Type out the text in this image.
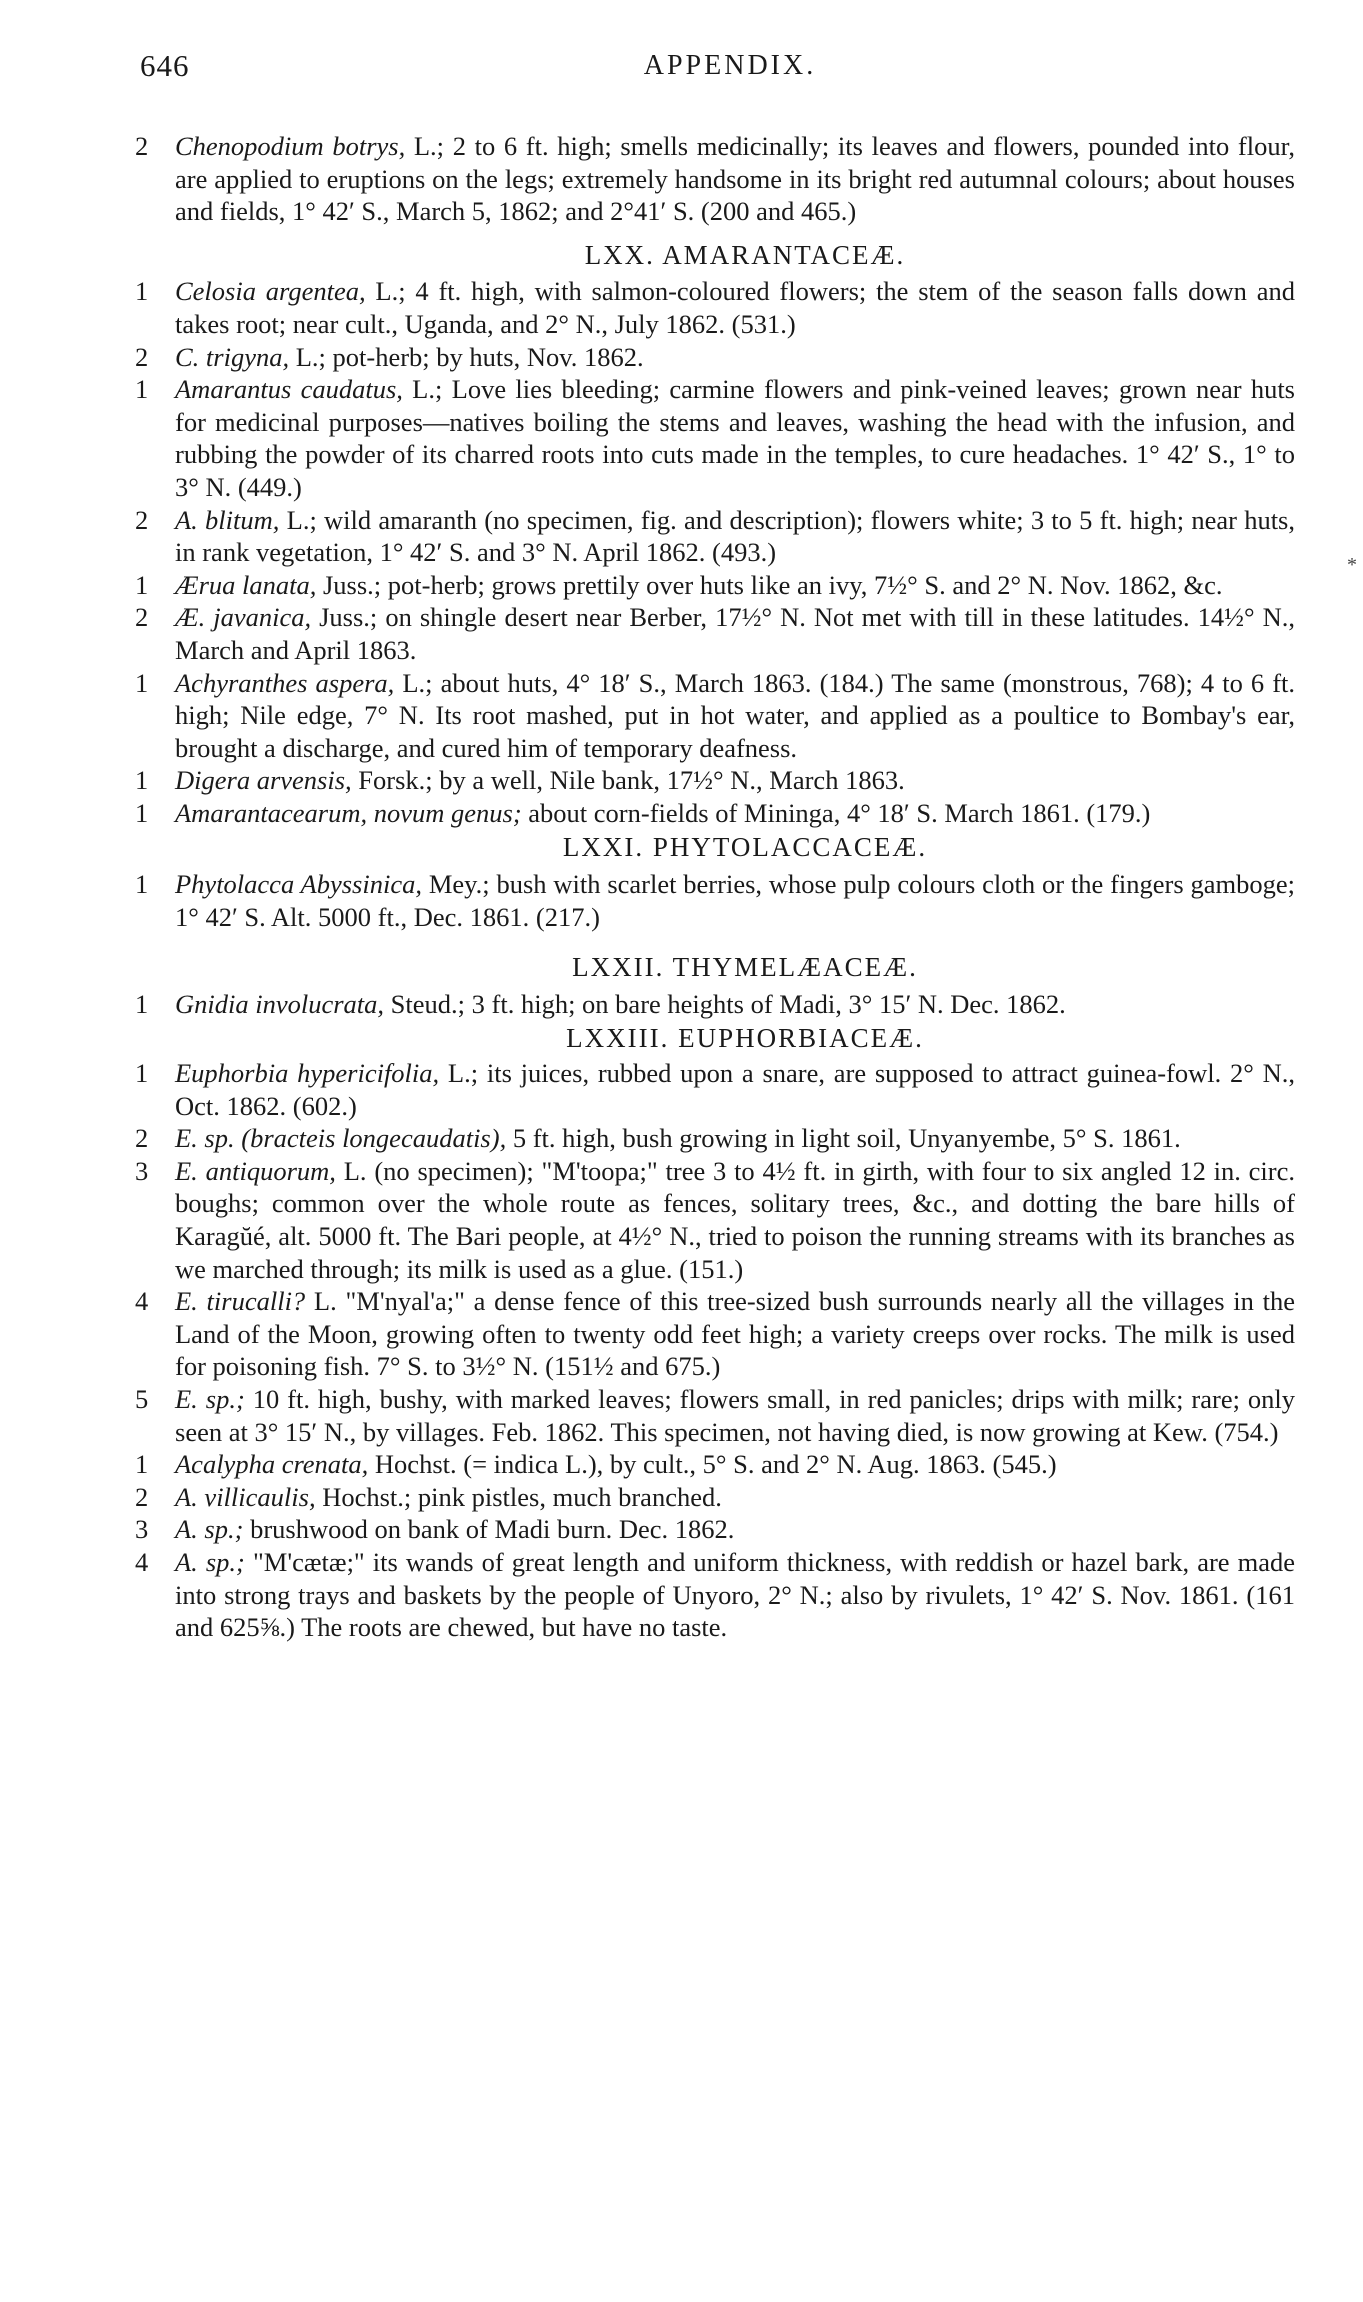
646	APPENDIX.
*
2 Chenopodium botrys, L.; 2 to 6 ft. high; smells medicinally; its leaves and flowers, pounded into flour, are applied to eruptions on the legs; extremely handsome in its bright red autumnal colours; about houses and fields, 1° 42′ S., March 5, 1862; and 2°41′ S. (200 and 465.)
LXX. AMARANTACEÆ.
1 Celosia argentea, L.; 4 ft. high, with salmon-coloured flowers; the stem of the season falls down and takes root; near cult., Uganda, and 2° N., July 1862. (531.)
2 C. trigyna, L.; pot-herb; by huts, Nov. 1862.
1 Amarantus caudatus, L.; Love lies bleeding; carmine flowers and pink-veined leaves; grown near huts for medicinal purposes—natives boiling the stems and leaves, washing the head with the infusion, and rubbing the powder of its charred roots into cuts made in the temples, to cure headaches. 1° 42′ S., 1° to 3° N. (449.)
2 A. blitum, L.; wild amaranth (no specimen, fig. and description); flowers white; 3 to 5 ft. high; near huts, in rank vegetation, 1° 42′ S. and 3° N. April 1862. (493.)
1 Ærua lanata, Juss.; pot-herb; grows prettily over huts like an ivy, 7½° S. and 2° N. Nov. 1862, &c.
2 Æ. javanica, Juss.; on shingle desert near Berber, 17½° N. Not met with till in these latitudes. 14½° N., March and April 1863.
1 Achyranthes aspera, L.; about huts, 4° 18′ S., March 1863. (184.) The same (monstrous, 768); 4 to 6 ft. high; Nile edge, 7° N. Its root mashed, put in hot water, and applied as a poultice to Bombay's ear, brought a discharge, and cured him of temporary deafness.
1 Digera arvensis, Forsk.; by a well, Nile bank, 17½° N., March 1863.
1 Amarantacearum, novum genus; about corn-fields of Mininga, 4° 18′ S. March 1861. (179.)
LXXI. PHYTOLACCACEÆ.
1 Phytolacca Abyssinica, Mey.; bush with scarlet berries, whose pulp colours cloth or the fingers gamboge; 1° 42′ S. Alt. 5000 ft., Dec. 1861. (217.)
LXXII. THYMELÆACEÆ.
1 Gnidia involucrata, Steud.; 3 ft. high; on bare heights of Madi, 3° 15′ N. Dec. 1862.
LXXIII. EUPHORBIACEÆ.
1 Euphorbia hypericifolia, L.; its juices, rubbed upon a snare, are supposed to attract guinea-fowl. 2° N., Oct. 1862. (602.)
2 E. sp. (bracteis longecaudatis), 5 ft. high, bush growing in light soil, Unyanyembe, 5° S. 1861.
3 E. antiquorum, L. (no specimen); "M'toopa;" tree 3 to 4½ ft. in girth, with four to six angled 12 in. circ. boughs; common over the whole route as fences, solitary trees, &c., and dotting the bare hills of Karagŭé, alt. 5000 ft. The Bari people, at 4½° N., tried to poison the running streams with its branches as we marched through; its milk is used as a glue. (151.)
4 E. tirucalli? L. "M'nyal'a;" a dense fence of this tree-sized bush surrounds nearly all the villages in the Land of the Moon, growing often to twenty odd feet high; a variety creeps over rocks. The milk is used for poisoning fish. 7° S. to 3½° N. (151½ and 675.)
5 E. sp.; 10 ft. high, bushy, with marked leaves; flowers small, in red panicles; drips with milk; rare; only seen at 3° 15′ N., by villages. Feb. 1862. This specimen, not having died, is now growing at Kew. (754.)
1 Acalypha crenata, Hochst. (= indica L.), by cult., 5° S. and 2° N. Aug. 1863. (545.)
2 A. villicaulis, Hochst.; pink pistles, much branched.
3 A. sp.; brushwood on bank of Madi burn. Dec. 1862.
4 A. sp.; "M'cætæ;" its wands of great length and uniform thickness, with reddish or hazel bark, are made into strong trays and baskets by the people of Unyoro, 2° N.; also by rivulets, 1° 42′ S. Nov. 1861. (161 and 625⅝.) The roots are chewed, but have no taste.
